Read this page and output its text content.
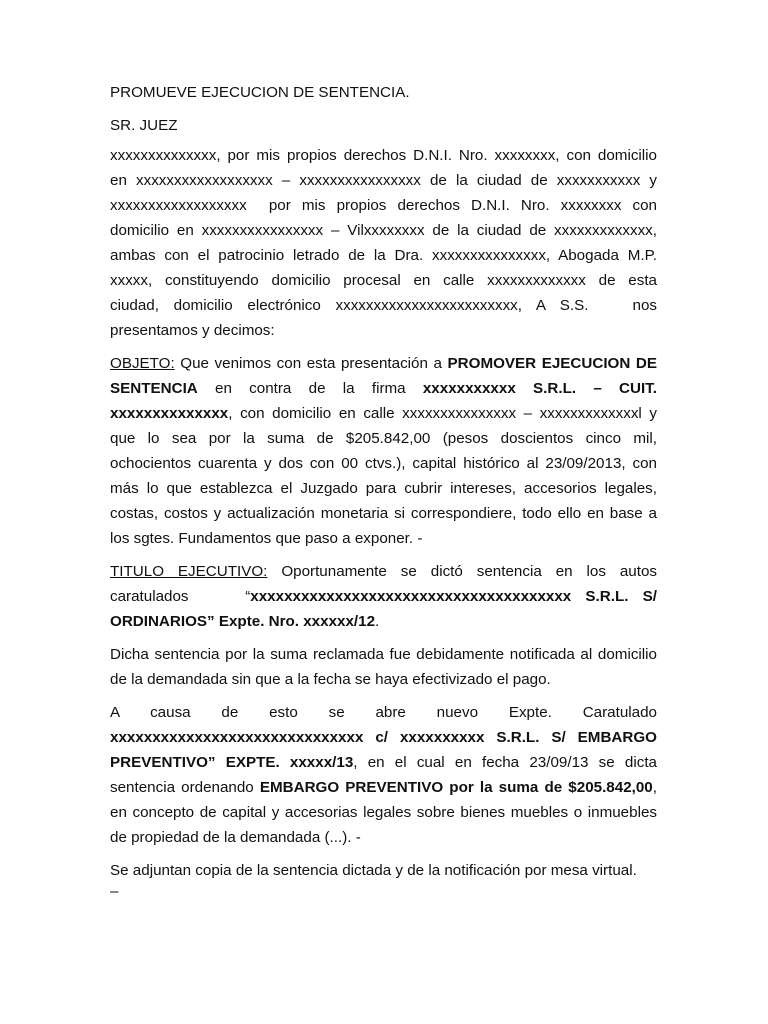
PROMUEVE EJECUCION DE SENTENCIA.
SR. JUEZ
xxxxxxxxxxxxxx, por mis propios derechos D.N.I. Nro. xxxxxxxx, con domicilio
en xxxxxxxxxxxxxxxxxx – xxxxxxxxxxxxxxxx de la ciudad de xxxxxxxxxxx y
xxxxxxxxxxxxxxxxxx  por mis propios derechos D.N.I. Nro. xxxxxxxx con
domicilio en xxxxxxxxxxxxxxxx – Vilxxxxxxxx de la ciudad de xxxxxxxxxxxxx,
ambas con el patrocinio letrado de la Dra. xxxxxxxxxxxxxxx, Abogada M.P.
xxxxx, constituyendo domicilio procesal en calle xxxxxxxxxxxxx de esta
ciudad, domicilio electrónico xxxxxxxxxxxxxxxxxxxxxxxx, A S.S.   nos
presentamos y decimos:
OBJETO: Que venimos con esta presentación a PROMOVER EJECUCION DE
SENTENCIA en contra de la firma xxxxxxxxxxx S.R.L. – CUIT.
xxxxxxxxxxxxxx, con domicilio en calle xxxxxxxxxxxxxxx – xxxxxxxxxxxxxl y
que lo sea por la suma de $205.842,00 (pesos doscientos cinco mil,
ochocientos cuarenta y dos con 00 ctvs.), capital histórico al 23/09/2013, con
más lo que establezca el Juzgado para cubrir intereses, accesorios legales,
costas, costos y actualización monetaria si correspondiere, todo ello en base a
los sgtes. Fundamentos que paso a exponer. -
TITULO EJECUTIVO: Oportunamente se dictó sentencia en los autos
caratulados    “xxxxxxxxxxxxxxxxxxxxxxxxxxxxxxxxxxxxxx S.R.L. S/
ORDINARIOS” Expte. Nro. xxxxxx/12.
Dicha sentencia por la suma reclamada fue debidamente notificada al domicilio
de la demandada sin que a la fecha se haya efectivizado el pago.
A causa de esto se abre nuevo Expte. Caratulado
xxxxxxxxxxxxxxxxxxxxxxxxxxxxxx c/ xxxxxxxxxx S.R.L. S/ EMBARGO
PREVENTIVO” EXPTE. xxxxx/13, en el cual en fecha 23/09/13 se dicta
sentencia ordenando EMBARGO PREVENTIVO por la suma de $205.842,00,
en concepto de capital y accesorias legales sobre bienes muebles o inmuebles
de propiedad de la demandada (...). -
Se adjuntan copia de la sentencia dictada y de la notificación por mesa virtual.
–
